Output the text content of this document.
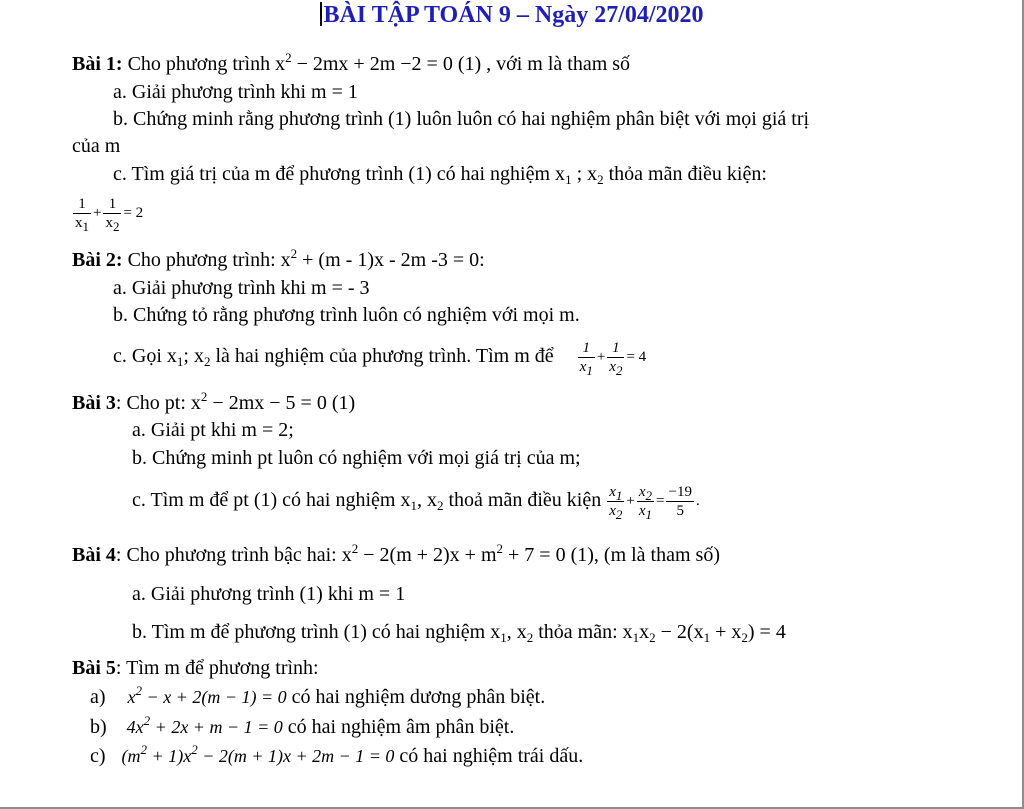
BÀI TẬP TOÁN 9 – Ngày 27/04/2020
Bài 1: Cho phương trình $x^2 - 2mx + 2m -2 = 0$ (1) , với m là tham số
a. Giải phương trình khi m = 1
b. Chứng minh rằng phương trình (1) luôn luôn có hai nghiệm phân biệt với mọi giá trị
của m
c. Tìm giá trị của m để phương trình (1) có hai nghiệm $x_1$ ; $x_2$ thỏa mãn điều kiện:
$\frac{1}{x_1} + \frac{1}{x_2} = 2$
Bài 2: Cho phương trình: $x^2 + (m - 1)x - 2m$ -3 = 0:
a. Giải phương trình khi m = - 3
b. Chứng tỏ rằng phương trình luôn có nghiệm với mọi m.
c. Gọi $x_1$; $x_2$ là hai nghiệm của phương trình. Tìm m để $\frac{1}{x_1} + \frac{1}{x_2} = 4$
Bài 3: Cho pt: $x^2 - 2mx - 5 = 0$ (1)
a. Giải pt khi m = 2;
b. Chứng minh pt luôn có nghiệm với mọi giá trị của m;
c. Tìm m để pt (1) có hai nghiệm $x_1$, $x_2$ thoả mãn điều kiện $\frac{x_1}{x_2} + \frac{x_2}{x_1} = \frac{-19}{5}$ .
Bài 4: Cho phương trình bậc hai: $x^2 - 2(m + 2)x + m^2 + 7 = 0$ (1), (m là tham số)
a. Giải phương trình (1) khi m = 1
b. Tìm m để phương trình (1) có hai nghiệm $x_1$, $x_2$ thỏa mãn: $x_1x_2 - 2(x_1 + x_2) = 4$
Bài 5: Tìm m để phương trình:
a) $x^2 - x + 2(m - 1) = 0$ có hai nghiệm dương phân biệt.
b) $4x^2 + 2x + m - 1 = 0$ có hai nghiệm âm phân biệt.
c) $(m^2 + 1)x^2 - 2(m + 1)x + 2m - 1 = 0$ có hai nghiệm trái dấu.
